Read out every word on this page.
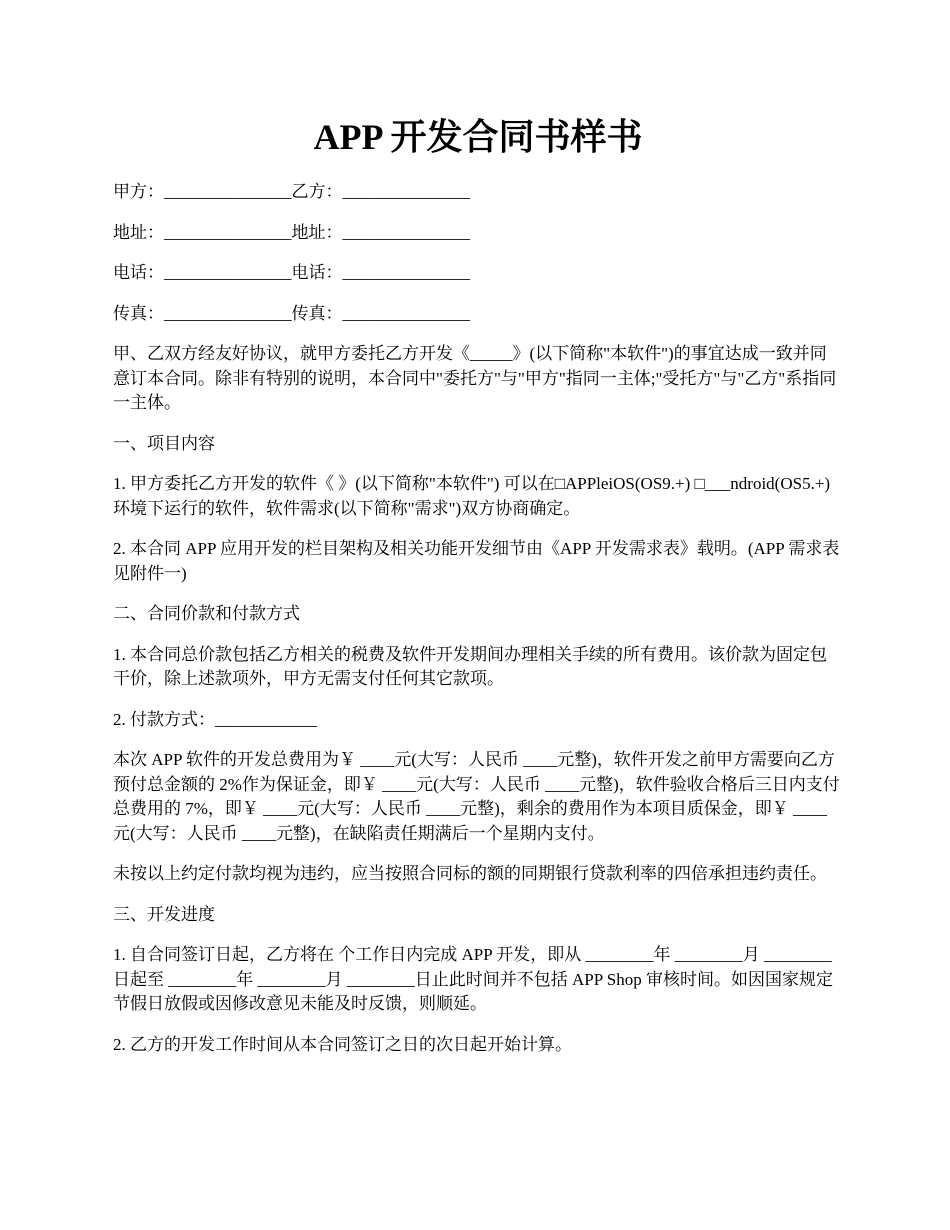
APP 开发合同书样书

甲方：_______________乙方：_______________

地址：_______________地址：_______________

电话：_______________电话：_______________

传真：_______________传真：_______________

甲、乙双方经友好协议，就甲方委托乙方开发《_____》(以下简称"本软件")的事宜达成一致并同意订本合同。除非有特别的说明，本合同中"委托方"与"甲方"指同一主体;"受托方"与"乙方"系指同一主体。

一、项目内容

1. 甲方委托乙方开发的软件《 》(以下简称"本软件") 可以在□APPleiOS(OS9.+) □___ndroid(OS5.+) 环境下运行的软件，软件需求(以下简称"需求")双方协商确定。

2. 本合同 APP 应用开发的栏目架构及相关功能开发细节由《APP 开发需求表》载明。(APP 需求表见附件一)

二、合同价款和付款方式

1. 本合同总价款包括乙方相关的税费及软件开发期间办理相关手续的所有费用。该价款为固定包干价，除上述款项外，甲方无需支付任何其它款项。

2. 付款方式：____________

本次 APP 软件的开发总费用为￥ ____元(大写：人民币 ____元整)，软件开发之前甲方需要向乙方预付总金额的 2%作为保证金，即￥ ____元(大写：人民币 ____元整)，软件验收合格后三日内支付总费用的 7%，即￥ ____元(大写：人民币 ____元整)，剩余的费用作为本项目质保金，即￥ ____元(大写：人民币 ____元整)，在缺陷责任期满后一个星期内支付。

未按以上约定付款均视为违约，应当按照合同标的额的同期银行贷款利率的四倍承担违约责任。

三、开发进度

1. 自合同签订日起，乙方将在 个工作日内完成 APP 开发，即从 ________年 ________月 ________日起至 ________年 ________月 ________日止此时间并不包括 APP Shop 审核时间。如因国家规定节假日放假或因修改意见未能及时反馈，则顺延。

2. 乙方的开发工作时间从本合同签订之日的次日起开始计算。
